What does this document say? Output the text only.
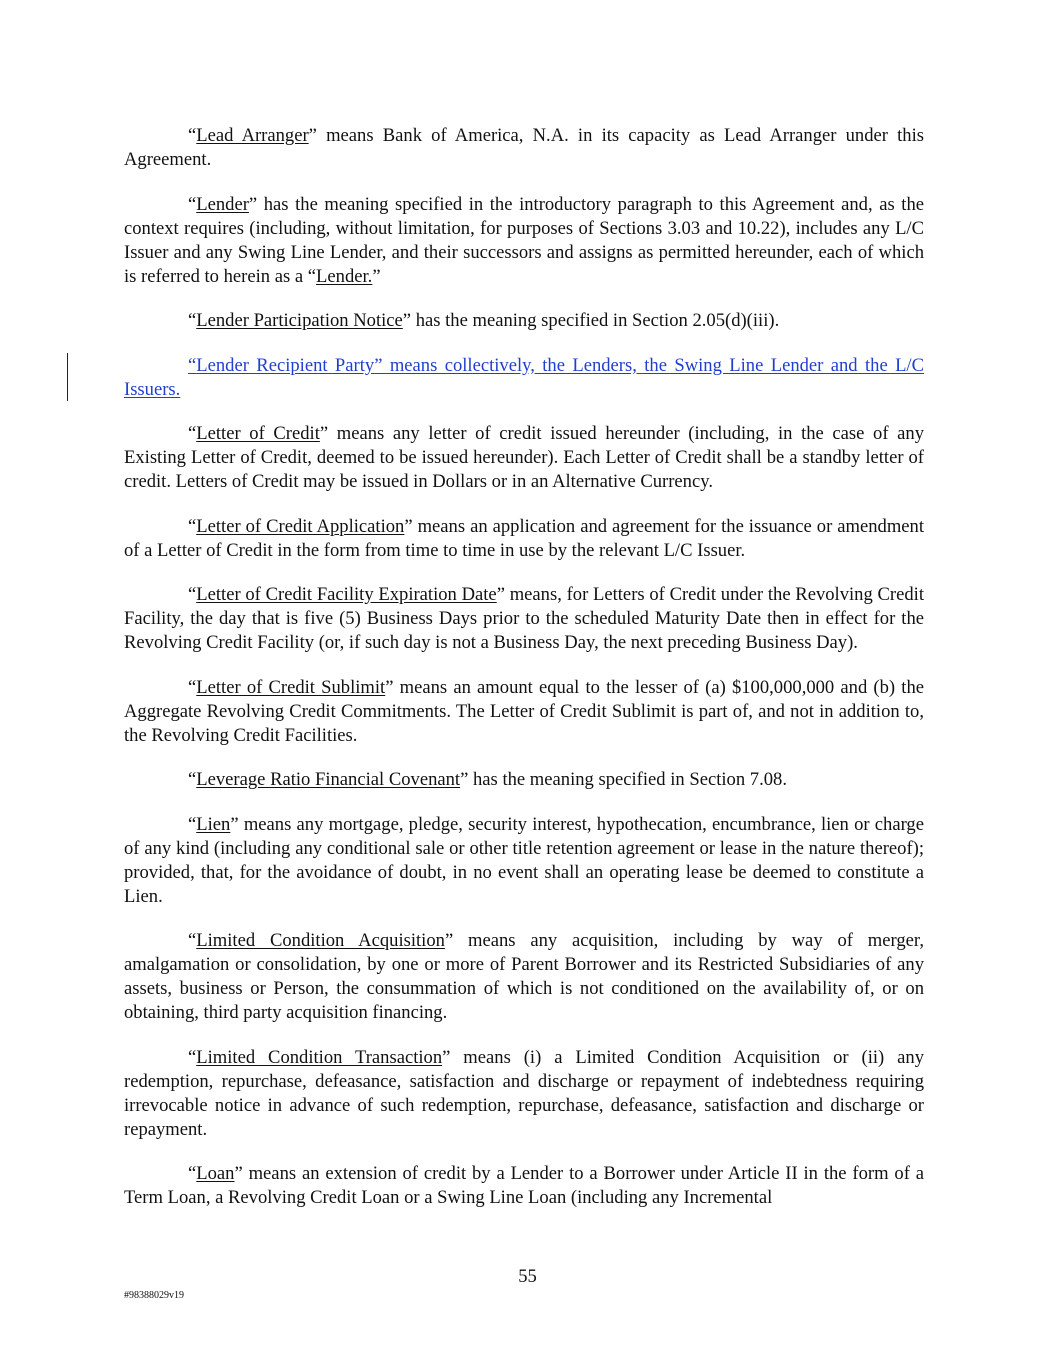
“Lead Arranger” means Bank of America, N.A. in its capacity as Lead Arranger under this Agreement.

“Lender” has the meaning specified in the introductory paragraph to this Agreement and, as the context requires (including, without limitation, for purposes of Sections 3.03 and 10.22), includes any L/C Issuer and any Swing Line Lender, and their successors and assigns as permitted hereunder, each of which is referred to herein as a “Lender.”

“Lender Participation Notice” has the meaning specified in Section 2.05(d)(iii).

“Lender Recipient Party” means collectively, the Lenders, the Swing Line Lender and the L/C Issuers.

“Letter of Credit” means any letter of credit issued hereunder (including, in the case of any Existing Letter of Credit, deemed to be issued hereunder). Each Letter of Credit shall be a standby letter of credit. Letters of Credit may be issued in Dollars or in an Alternative Currency.

“Letter of Credit Application” means an application and agreement for the issuance or amendment of a Letter of Credit in the form from time to time in use by the relevant L/C Issuer.

“Letter of Credit Facility Expiration Date” means, for Letters of Credit under the Revolving Credit Facility, the day that is five (5) Business Days prior to the scheduled Maturity Date then in effect for the Revolving Credit Facility (or, if such day is not a Business Day, the next preceding Business Day).

“Letter of Credit Sublimit” means an amount equal to the lesser of (a) $100,000,000 and (b) the Aggregate Revolving Credit Commitments. The Letter of Credit Sublimit is part of, and not in addition to, the Revolving Credit Facilities.

“Leverage Ratio Financial Covenant” has the meaning specified in Section 7.08.

“Lien” means any mortgage, pledge, security interest, hypothecation, encumbrance, lien or charge of any kind (including any conditional sale or other title retention agreement or lease in the nature thereof); provided, that, for the avoidance of doubt, in no event shall an operating lease be deemed to constitute a Lien.

“Limited Condition Acquisition” means any acquisition, including by way of merger, amalgamation or consolidation, by one or more of Parent Borrower and its Restricted Subsidiaries of any assets, business or Person, the consummation of which is not conditioned on the availability of, or on obtaining, third party acquisition financing.

“Limited Condition Transaction” means (i) a Limited Condition Acquisition or (ii) any redemption, repurchase, defeasance, satisfaction and discharge or repayment of indebtedness requiring irrevocable notice in advance of such redemption, repurchase, defeasance, satisfaction and discharge or repayment.

“Loan” means an extension of credit by a Lender to a Borrower under Article II in the form of a Term Loan, a Revolving Credit Loan or a Swing Line Loan (including any Incremental

55
#98388029v19
